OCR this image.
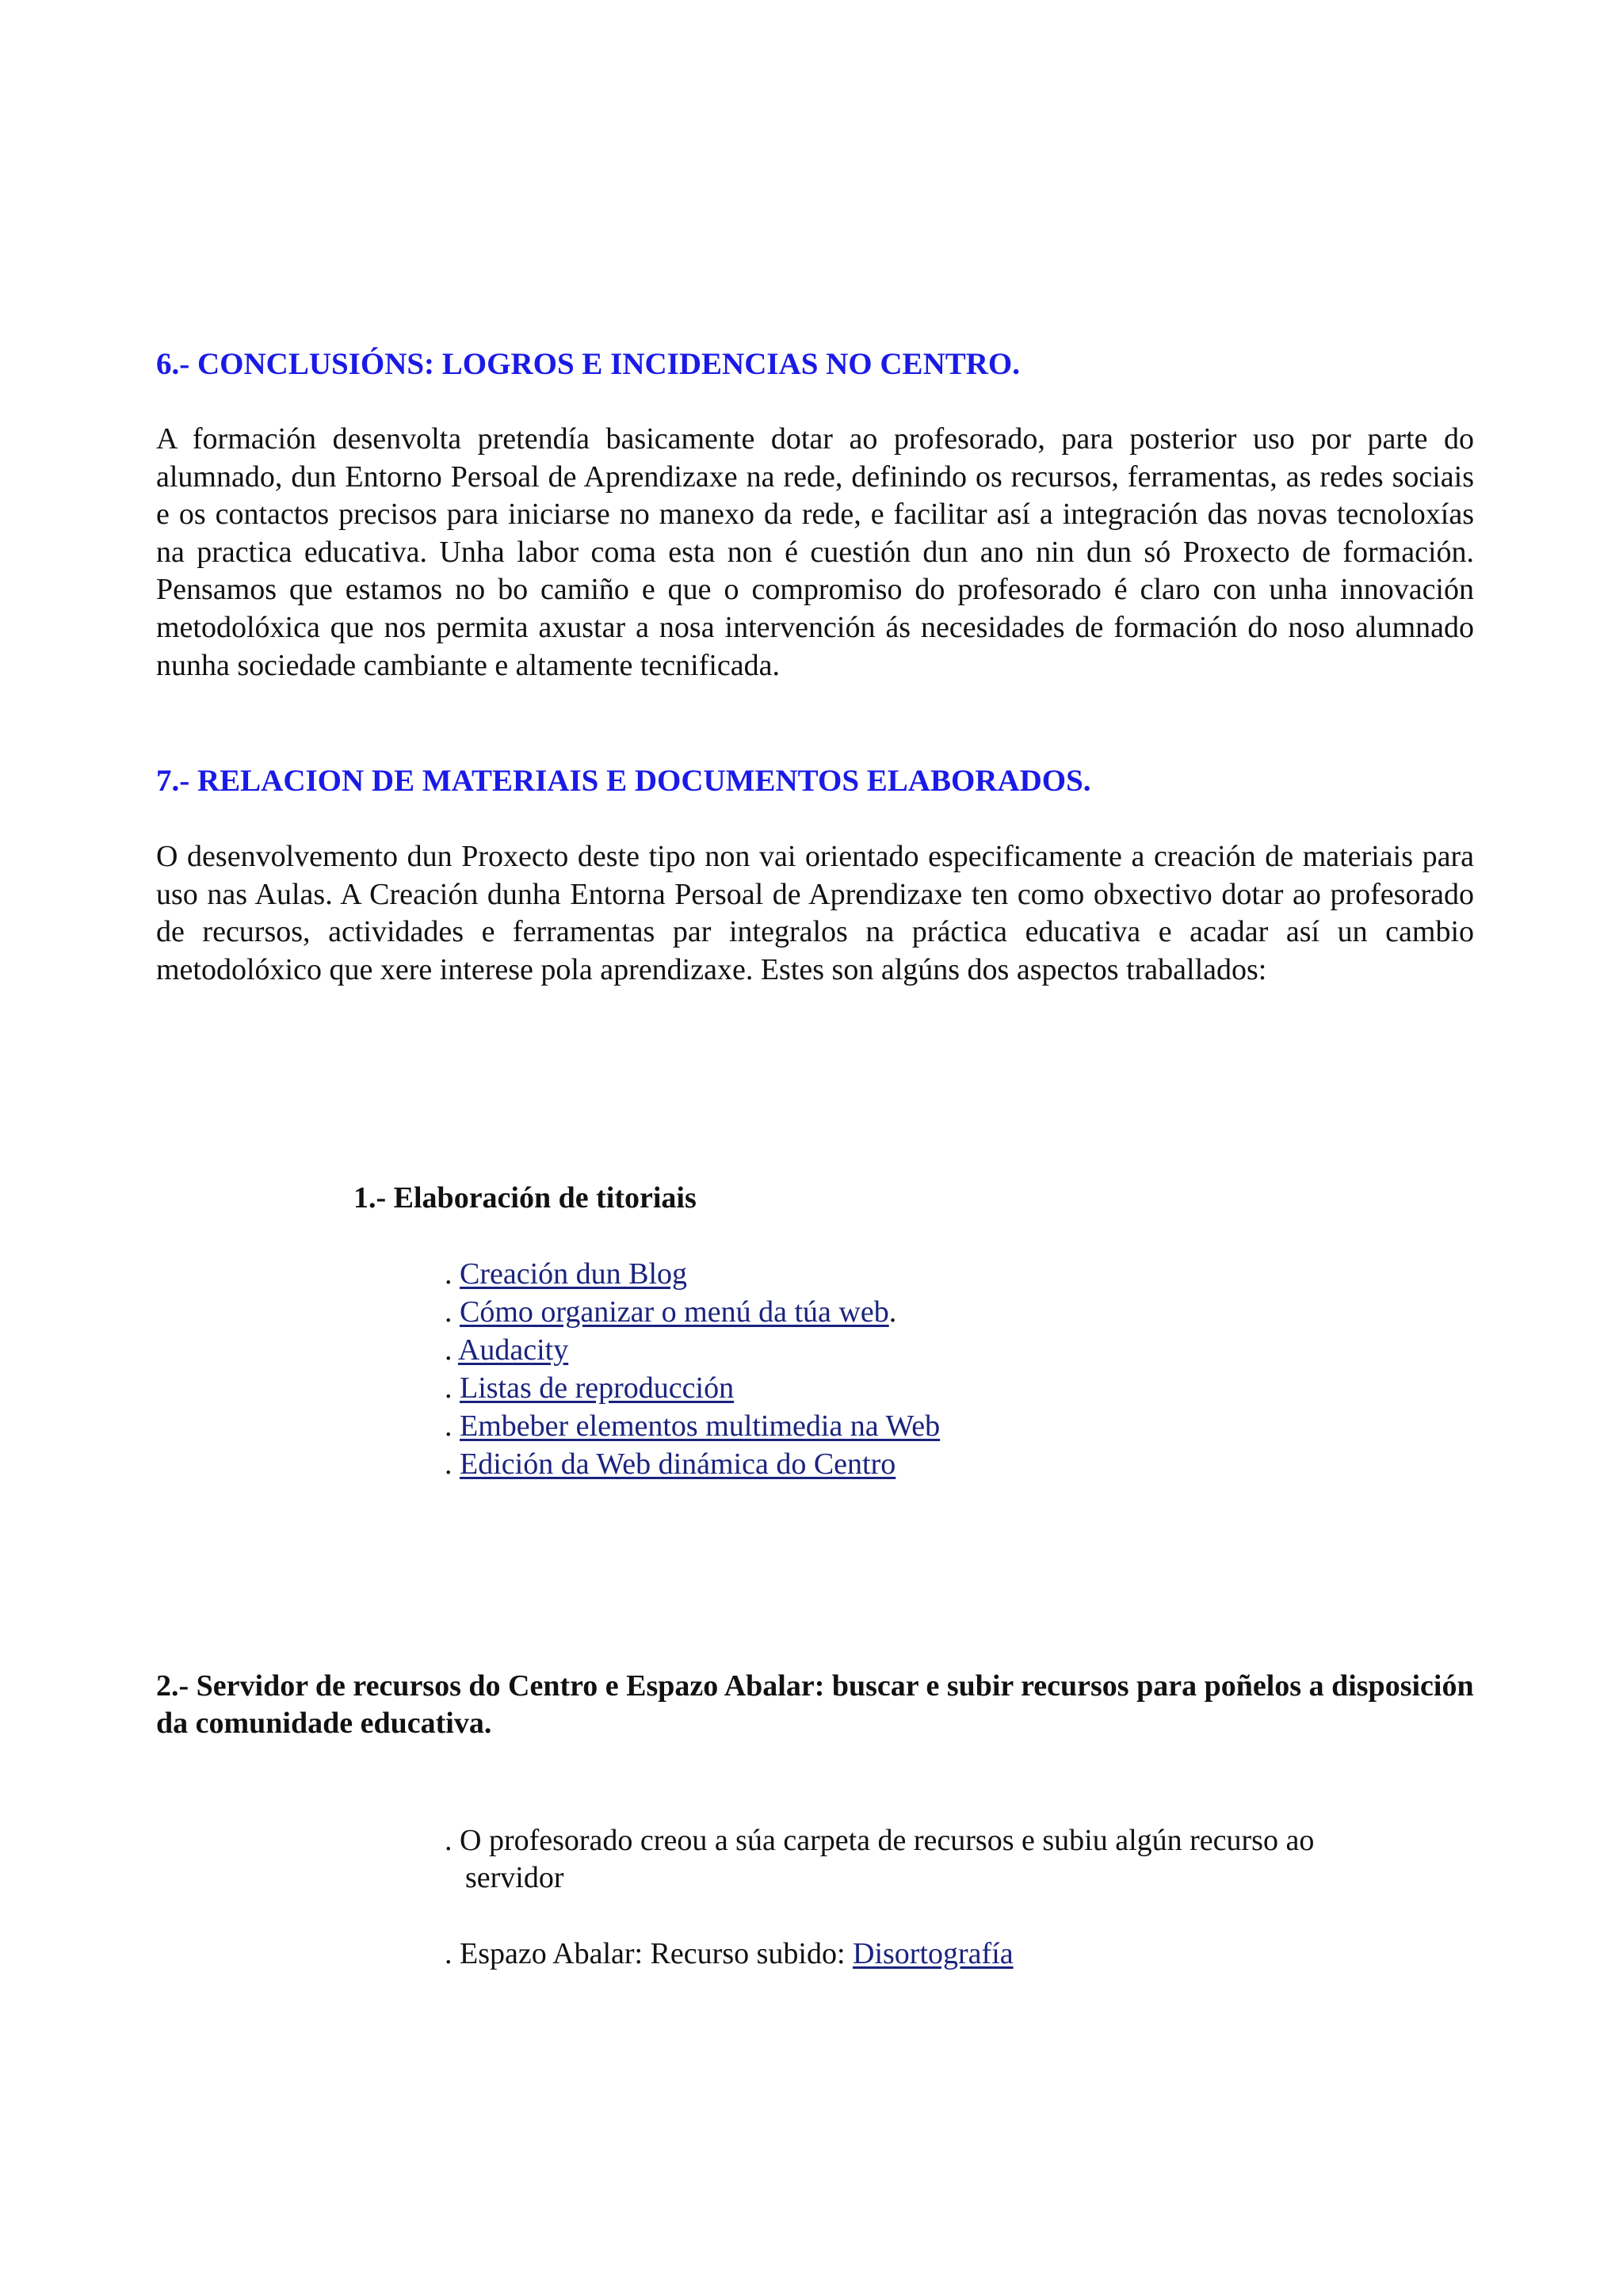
6.- CONCLUSIÓNS: LOGROS E INCIDENCIAS NO CENTRO.

A formación desenvolta pretendía basicamente dotar ao profesorado, para posterior uso por parte do alumnado, dun Entorno Persoal de Aprendizaxe na rede, definindo os recursos, ferramentas, as redes sociais e os contactos precisos para iniciarse no manexo da rede, e facilitar así a integración das novas tecnoloxías na practica educativa. Unha labor coma esta non é cuestión dun ano nin dun só Proxecto de formación. Pensamos que estamos no bo camiño e que o compromiso do profesorado é claro con unha innovación metodolóxica que nos permita axustar a nosa intervención ás necesidades de formación do noso alumnado nunha sociedade cambiante e altamente tecnificada.

7.- RELACION DE MATERIAIS E DOCUMENTOS ELABORADOS.

O desenvolvemento dun Proxecto deste tipo non vai orientado especificamente a creación de materiais para uso nas Aulas. A Creación dunha Entorna Persoal de Aprendizaxe ten como obxectivo dotar ao profesorado de recursos, actividades e ferramentas par integralos na práctica educativa e acadar así un cambio metodolóxico que xere interese pola aprendizaxe. Estes son algúns dos aspectos traballados:

1.- Elaboración de titoriais
. Creación dun Blog
. Cómo organizar o menú da túa web.
. Audacity
. Listas de reproducción
. Embeber elementos multimedia na Web
. Edición da Web dinámica do Centro
2.- Servidor de recursos do Centro e Espazo Abalar: buscar e subir recursos para poñelos a disposición da comunidade educativa.

. O profesorado creou a súa carpeta de recursos e subiu algún recurso ao
servidor

. Espazo Abalar: Recurso subido: Disortografía
